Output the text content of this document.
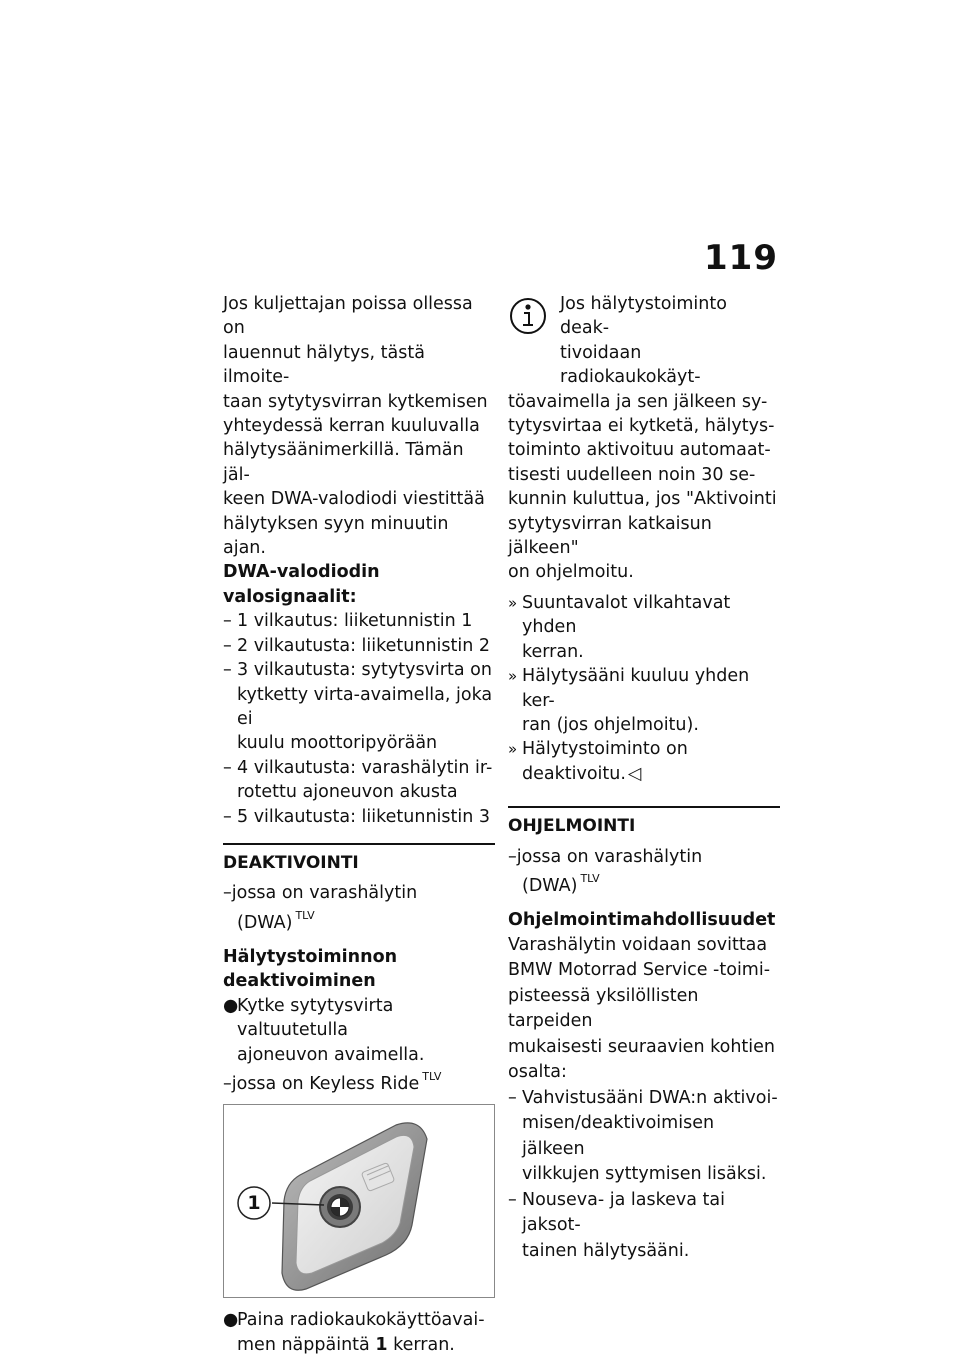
119
Jos kuljettajan poissa ollessa on
lauennut hälytys, tästä ilmoite-
taan sytytysvirran kytkemisen
yhteydessä kerran kuuluvalla
hälytysäänimerkillä. Tämän jäl-
keen DWA-valodiodi viestittää
hälytyksen syyn minuutin ajan.
DWA-valodiodin valosignaalit:
– 1 vilkautus: liiketunnistin 1
– 2 vilkautusta: liiketunnistin 2
– 3 vilkautusta: sytytysvirta on
kytketty virta-avaimella, joka ei
kuulu moottoripyörään
– 4 vilkautusta: varashälytin ir-
rotettu ajoneuvon akusta
– 5 vilkautusta: liiketunnistin 3
DEAKTIVOINTI
–jossa on varashälytin
(DWA) $^{TLV}$
Hälytystoiminnon
deaktivoiminen
●
Kytke sytytysvirta valtuutetulla
ajoneuvon avaimella.
–jossa on Keyless Ride $^{TLV}$
1
●
Paina radiokaukokäyttöavai-
men näppäintä 1 kerran.
Jos hälytystoiminto deak-
tivoidaan radiokaukokäyt-
töavaimella ja sen jälkeen sy-
tytysvirtaa ei kytketä, hälytys-
toiminto aktivoituu automaat-
tisesti uudelleen noin 30 se-
kunnin kuluttua, jos "Aktivointi
sytytysvirran katkaisun jälkeen"
on ohjelmoitu.
» Suuntavalot vilkahtavat yhden
kerran.
» Hälytysääni kuuluu yhden ker-
ran (jos ohjelmoitu).
» Hälytystoiminto on
deaktivoitu. ◁
OHJELMOINTI
–jossa on varashälytin
(DWA) $^{TLV}$
Ohjelmointimahdollisuudet
Varashälytin voidaan sovittaa
BMW Motorrad Service -toimi-
pisteessä yksilöllisten tarpeiden
mukaisesti seuraavien kohtien
osalta:
– Vahvistusääni DWA:n aktivoi-
misen/deaktivoimisen jälkeen
vilkkujen syttymisen lisäksi.
– Nouseva- ja laskeva tai jaksot-
tainen hälytysääni.
